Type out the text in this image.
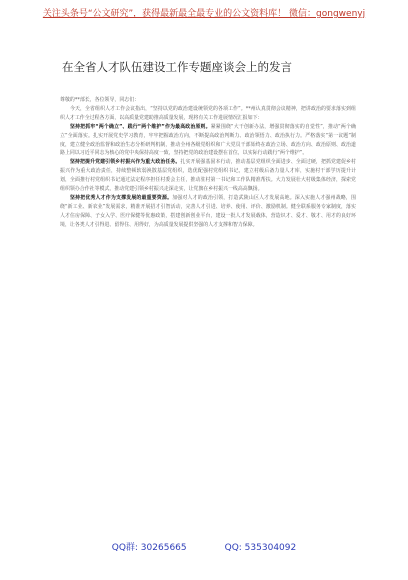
关注头条号“公文研究”，获得最新最全最专业的公文资料库！ 微信：gongwenyj
在全省人才队伍建设工作专题座谈会上的发言

尊敬的**部长，各位领导，同志们：

今天，全省组织人才工作会议指出，“坚持以党的政治建设统领党的各项工作”。**州认真贯彻会议精神，把讲政治的要求落实到组织人才工作全过程各方面，以高质量党建助推高质量发展，现将有关工作进展情况汇报如下：

坚持把抓牢“两个确立”、践行“两个维护”作为最高政治原则。紧紧围绕“大干创新办法，增强贯彻落实的自觉性”，推动“两个确立”全面落实。扎实开展党史学习教育，牢牢把握政治方向，不断提高政治判断力、政治领悟力、政治执行力。严格落实“第一议题”制度，建立健全政治监督和政治生态分析研判机制，推动全州各级党组织和广大党员干部始终在政治立场、政治方向、政治原则、政治道路上同以习近平同志为核心的党中央保持高度一致，坚持把党的政治建设摆在首位，以实际行动践行“两个维护”。

坚持把提升党建引领乡村振兴作为重大政治任务。扎实开展强基固本行动，推动基层党组织全面进步、全面过硬，把抓党建促乡村振兴作为重大政治责任，持续整顿软弱涣散基层党组织，选优配强村党组织书记，建立村级后备力量人才库，实施村干部学历提升计划，全面推行村党组织书记通过法定程序担任村委会主任，推动驻村第一书记和工作队精准帮扶。大力发展壮大村级集体经济，探索党组织领办合作社等模式，推动党建引领乡村振兴走深走实，让党旗在乡村振兴一线高高飘扬。

坚持把优秀人才作为支撑发展的最重要资源。加强对人才的政治引领，打造武陵山区人才发展高地。深入实施人才强州战略，围绕“新工业、新农业”发展需求，精准开展招才引智活动，完善人才引进、培养、使用、评价、激励机制。健全联系服务专家制度，落实人才住房保障、子女入学、医疗保健等优惠政策，搭建创新创业平台，建设一批人才发展载体，营造识才、爱才、敬才、用才的良好环境，让各类人才引得进、留得住、用得好，为高质量发展提供坚强的人才支撑和智力保障。

QQ群: 30265665	QQ: 535304092
